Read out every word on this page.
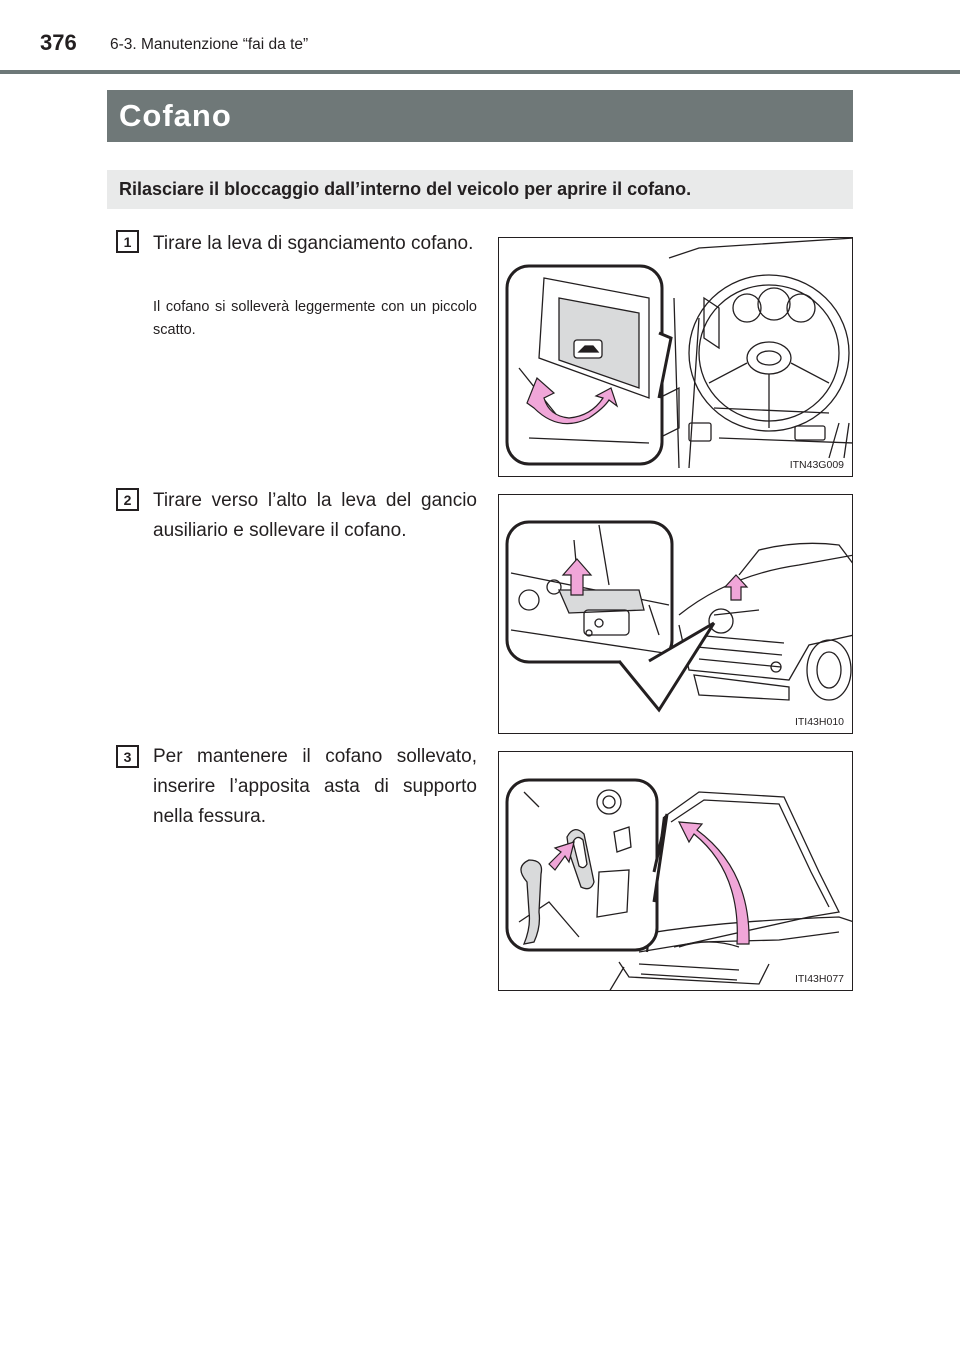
376 6-3. Manutenzione “fai da te”
Cofano
Rilasciare il bloccaggio dall’interno del veicolo per aprire il cofano.
1	Tirare la leva di sganciamento cofano.
Il cofano si solleverà leggermente con un piccolo scatto.
ITN43G009
2	Tirare verso l’alto la leva del gancio ausiliario e sollevare il cofano.
ITI43H010
3	Per mantenere il cofano sollevato, inserire l’apposita asta di supporto nella fessura.
ITI43H077
